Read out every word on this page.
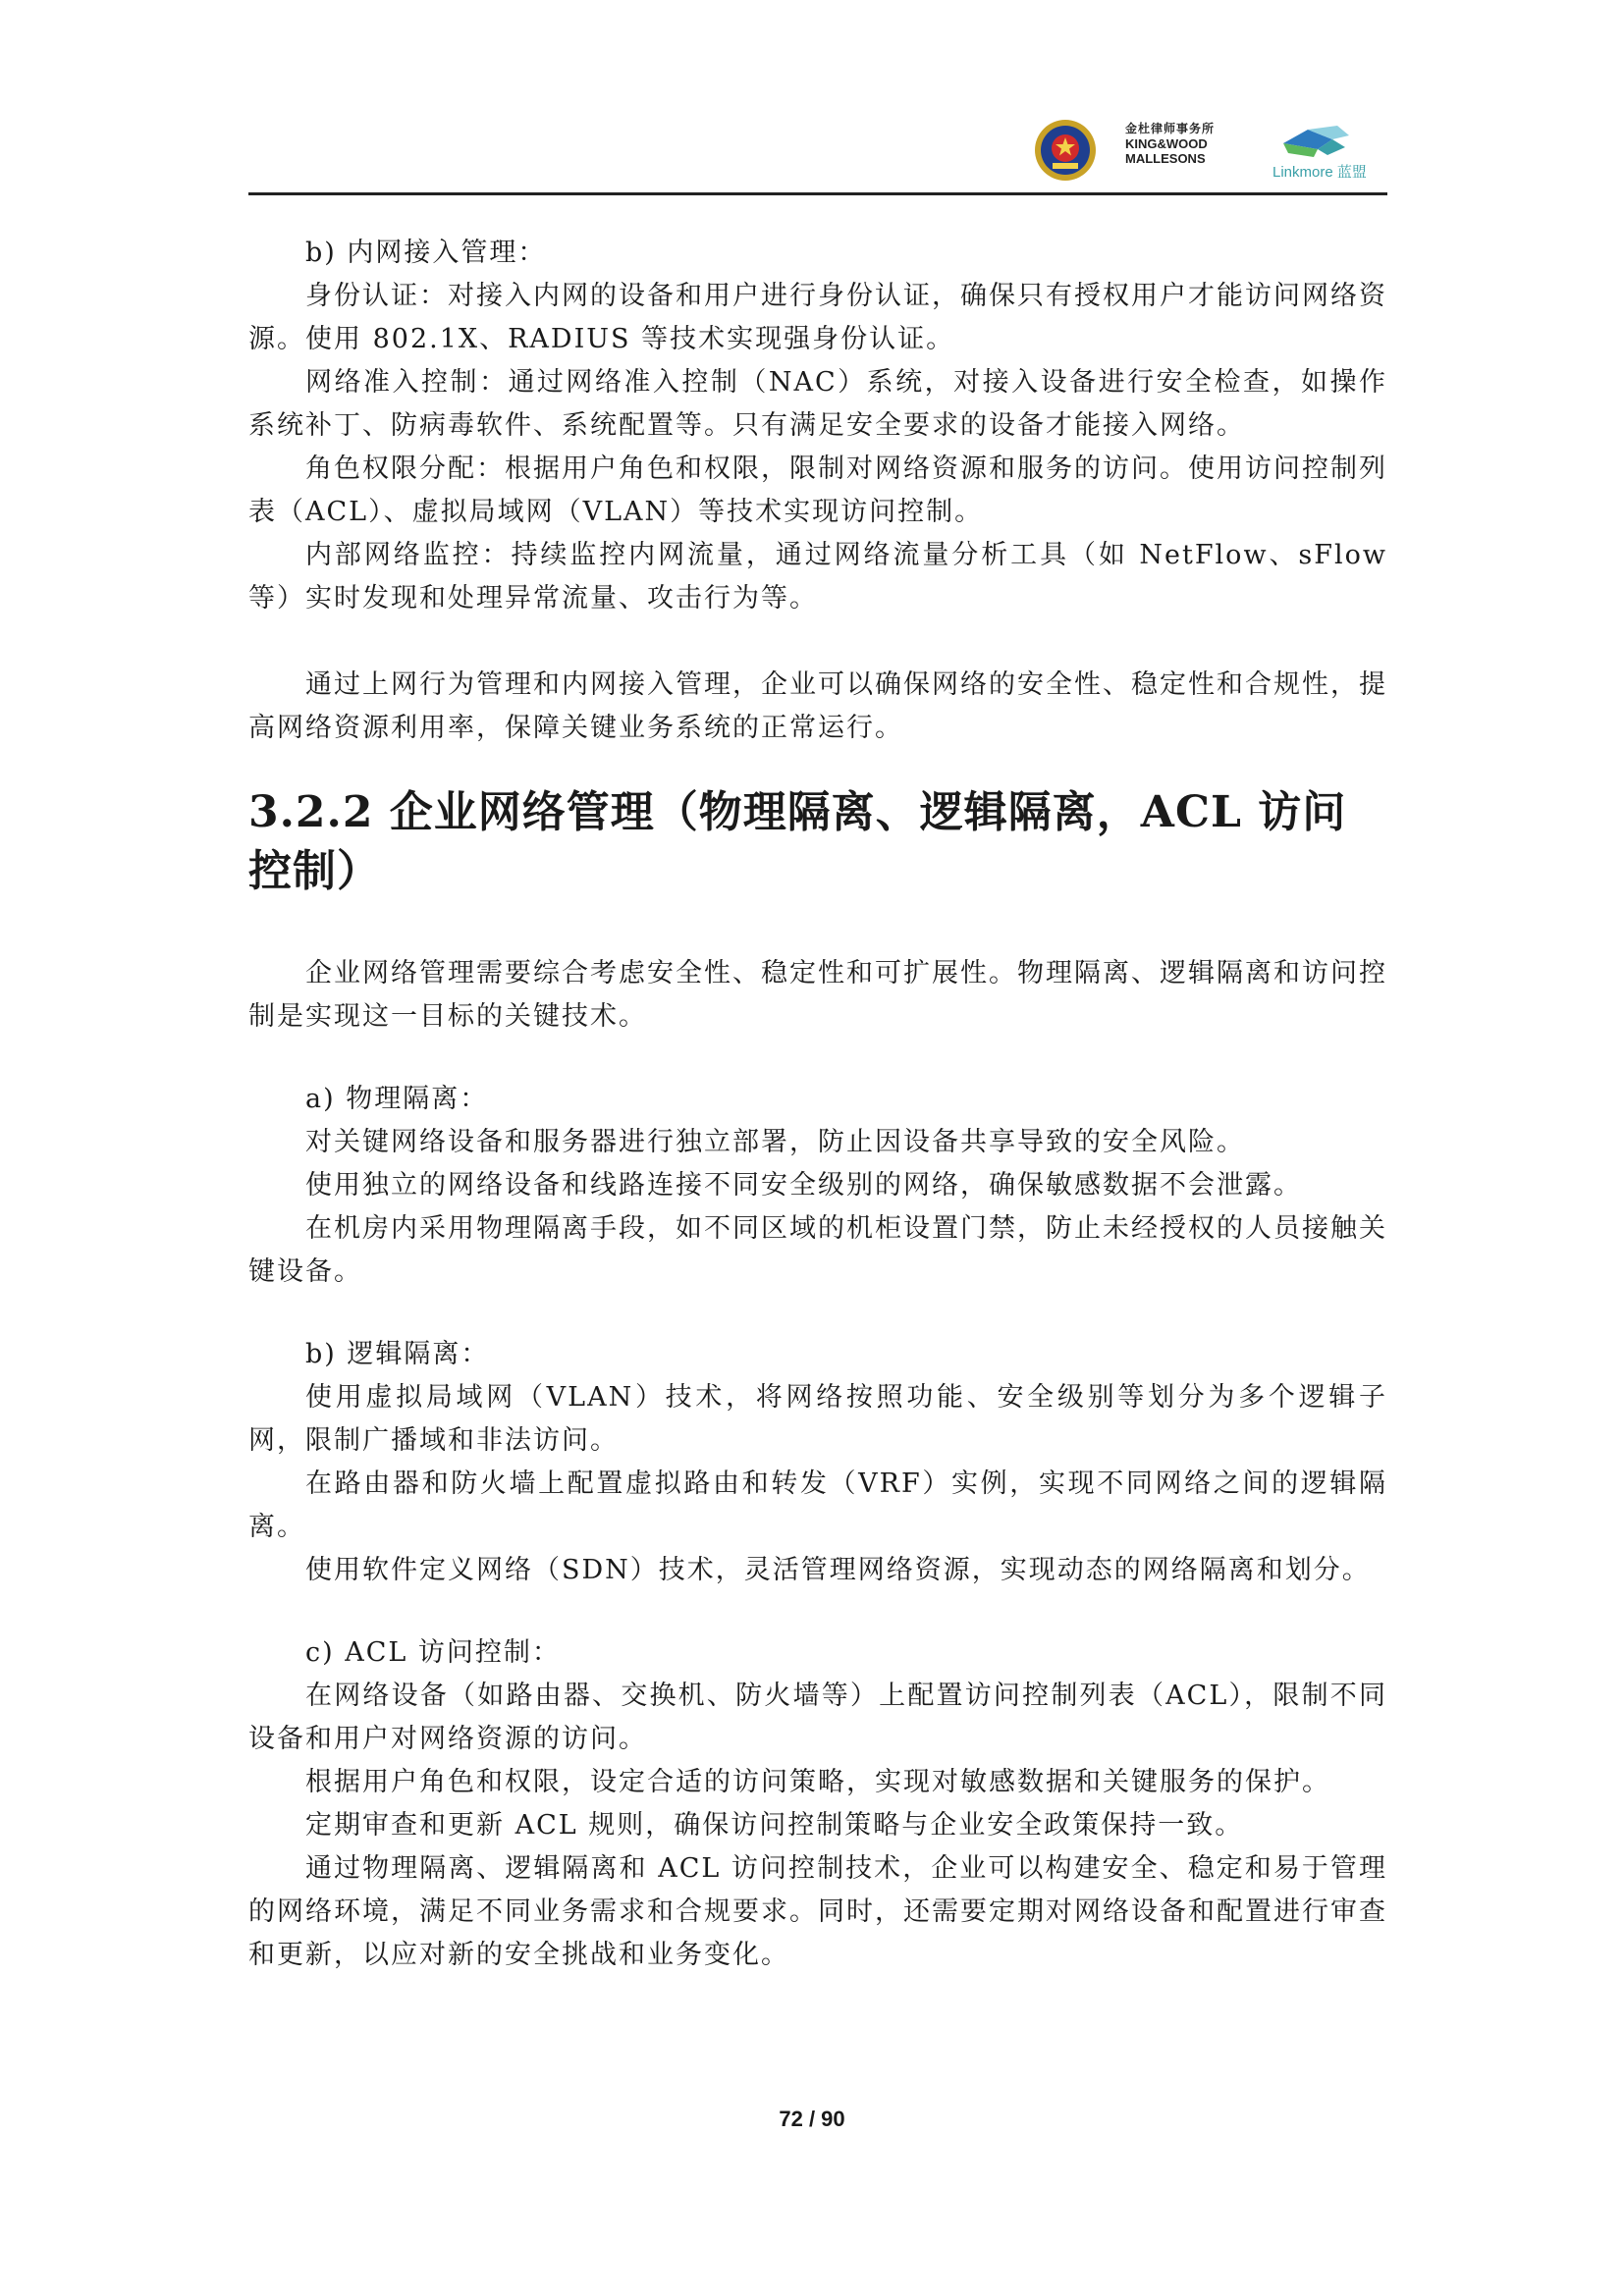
金杜律师事务所
KING&WOOD
MALLESONS
Linkmore 蓝盟

b) 内网接入管理：

身份认证：对接入内网的设备和用户进行身份认证，确保只有授权用户才能访问网络资源。使用 802.1X、RADIUS 等技术实现强身份认证。

网络准入控制：通过网络准入控制（NAC）系统，对接入设备进行安全检查，如操作系统补丁、防病毒软件、系统配置等。只有满足安全要求的设备才能接入网络。

角色权限分配：根据用户角色和权限，限制对网络资源和服务的访问。使用访问控制列表（ACL）、虚拟局域网（VLAN）等技术实现访问控制。

内部网络监控：持续监控内网流量，通过网络流量分析工具（如 NetFlow、sFlow 等）实时发现和处理异常流量、攻击行为等。

通过上网行为管理和内网接入管理，企业可以确保网络的安全性、稳定性和合规性，提高网络资源利用率，保障关键业务系统的正常运行。

3.2.2 企业网络管理（物理隔离、逻辑隔离，ACL 访问控制）

企业网络管理需要综合考虑安全性、稳定性和可扩展性。物理隔离、逻辑隔离和访问控制是实现这一目标的关键技术。

a) 物理隔离：

对关键网络设备和服务器进行独立部署，防止因设备共享导致的安全风险。

使用独立的网络设备和线路连接不同安全级别的网络，确保敏感数据不会泄露。

在机房内采用物理隔离手段，如不同区域的机柜设置门禁，防止未经授权的人员接触关键设备。

b) 逻辑隔离：

使用虚拟局域网（VLAN）技术，将网络按照功能、安全级别等划分为多个逻辑子网，限制广播域和非法访问。

在路由器和防火墙上配置虚拟路由和转发（VRF）实例，实现不同网络之间的逻辑隔离。

使用软件定义网络（SDN）技术，灵活管理网络资源，实现动态的网络隔离和划分。

c) ACL 访问控制：

在网络设备（如路由器、交换机、防火墙等）上配置访问控制列表（ACL），限制不同设备和用户对网络资源的访问。

根据用户角色和权限，设定合适的访问策略，实现对敏感数据和关键服务的保护。

定期审查和更新 ACL 规则，确保访问控制策略与企业安全政策保持一致。

通过物理隔离、逻辑隔离和 ACL 访问控制技术，企业可以构建安全、稳定和易于管理的网络环境，满足不同业务需求和合规要求。同时，还需要定期对网络设备和配置进行审查和更新，以应对新的安全挑战和业务变化。

72 / 90
